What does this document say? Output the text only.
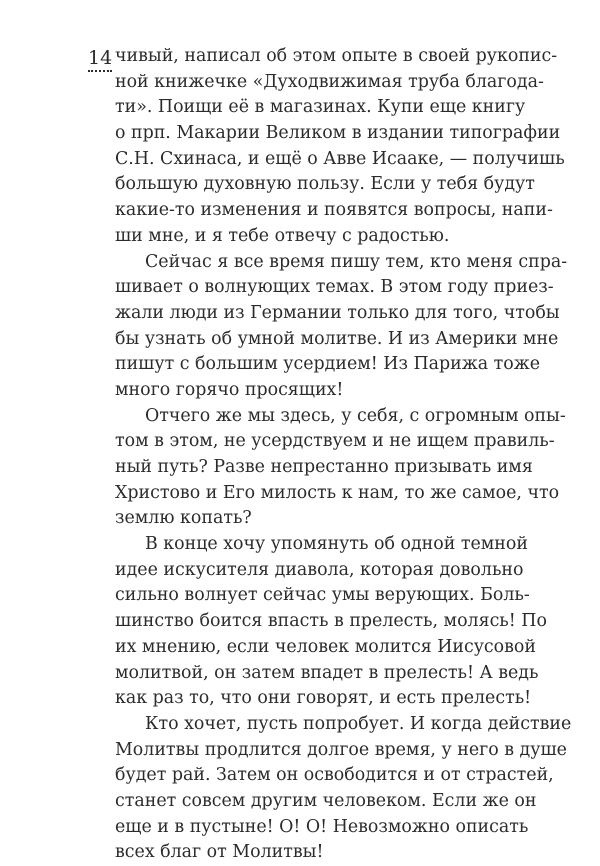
14 чивый, написал об этом опыте в своей рукопис-
ной книжечке «Духодвижимая труба благода-
ти». Поищи её в магазинах. Купи еще книгу
о прп. Макарии Великом в издании типографии
С.Н. Схинаса, и ещё о Авве Исааке, — получишь
большую духовную пользу. Если у тебя будут
какие-то изменения и появятся вопросы, напи-
ши мне, и я тебе отвечу с радостью.
Сейчас я все время пишу тем, кто меня спра-
шивает о волнующих темах. В этом году приез-
жали люди из Германии только для того, чтобы
бы узнать об умной молитве. И из Америки мне
пишут с большим усердием! Из Парижа тоже
много горячо просящих!
Отчего же мы здесь, у себя, с огромным опы-
том в этом, не усердствуем и не ищем правиль-
ный путь? Разве непрестанно призывать имя
Христово и Его милость к нам, то же самое, что
землю копать?
В конце хочу упомянуть об одной темной
идее искусителя диавола, которая довольно
сильно волнует сейчас умы верующих. Боль-
шинство боится впасть в прелесть, молясь! По
их мнению, если человек молится Иисусовой
молитвой, он затем впадет в прелесть! А ведь
как раз то, что они говорят, и есть прелесть!
Кто хочет, пусть попробует. И когда действие
Молитвы продлится долгое время, у него в душе
будет рай. Затем он освободится и от страстей,
станет совсем другим человеком. Если же он
еще и в пустыне! О! О! Невозможно описать
всех благ от Молитвы!
